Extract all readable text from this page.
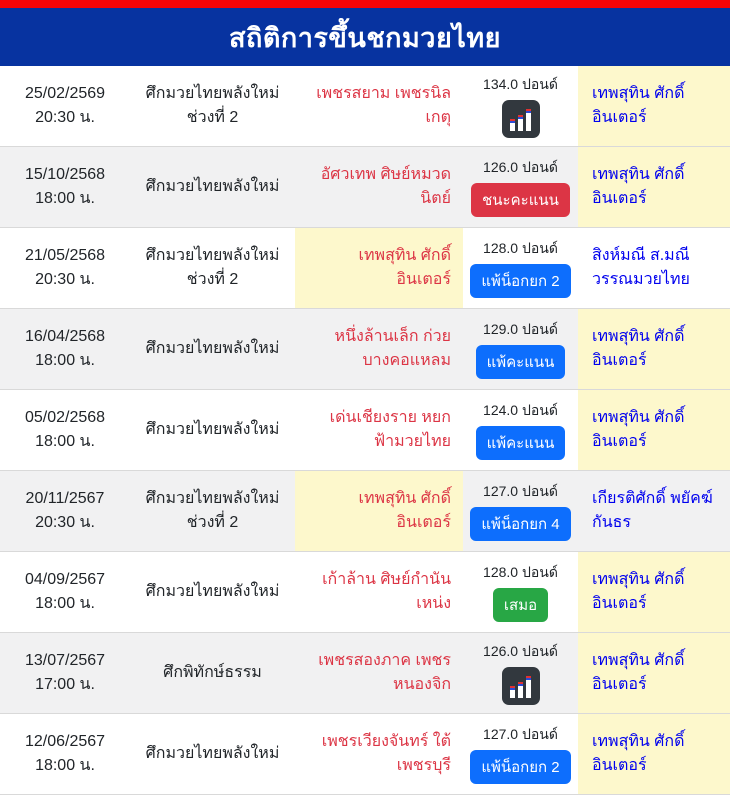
สถิติการขึ้นชกมวยไทย
25/02/2569
20:30 น.
ศึกมวยไทยพลังใหม่ ช่วงที่ 2
เพชรสยาม เพชรนิลเกตุ
134.0 ปอนด์
เทพสุทิน ศักดิ์อินเตอร์
15/10/2568
18:00 น.
ศึกมวยไทยพลังใหม่
อัศวเทพ ศิษย์หมวดนิตย์
126.0 ปอนด์
ชนะคะแนน
เทพสุทิน ศักดิ์อินเตอร์
21/05/2568
20:30 น.
ศึกมวยไทยพลังใหม่ ช่วงที่ 2
เทพสุทิน ศักดิ์อินเตอร์
128.0 ปอนด์
แพ้น็อกยก 2
สิงห์มณี ส.มณีวรรณมวยไทย
16/04/2568
18:00 น.
ศึกมวยไทยพลังใหม่
หนึ่งล้านเล็ก ก่วยบางคอแหลม
129.0 ปอนด์
แพ้คะแนน
เทพสุทิน ศักดิ์อินเตอร์
05/02/2568
18:00 น.
ศึกมวยไทยพลังใหม่
เด่นเชียงราย หยกฟ้ามวยไทย
124.0 ปอนด์
แพ้คะแนน
เทพสุทิน ศักดิ์อินเตอร์
20/11/2567
20:30 น.
ศึกมวยไทยพลังใหม่ ช่วงที่ 2
เทพสุทิน ศักดิ์อินเตอร์
127.0 ปอนด์
แพ้น็อกยก 4
เกียรติศักดิ์ พยัคฆ์กันธร
04/09/2567
18:00 น.
ศึกมวยไทยพลังใหม่
เก้าล้าน ศิษย์กำนันเหน่ง
128.0 ปอนด์
เสมอ
เทพสุทิน ศักดิ์อินเตอร์
13/07/2567
17:00 น.
ศึกพิทักษ์ธรรม
เพชรสองภาค เพชรหนองจิก
126.0 ปอนด์
เทพสุทิน ศักดิ์อินเตอร์
12/06/2567
18:00 น.
ศึกมวยไทยพลังใหม่
เพชรเวียงจันทร์ ใต้เพชรบุรี
127.0 ปอนด์
แพ้น็อกยก 2
เทพสุทิน ศักดิ์อินเตอร์
